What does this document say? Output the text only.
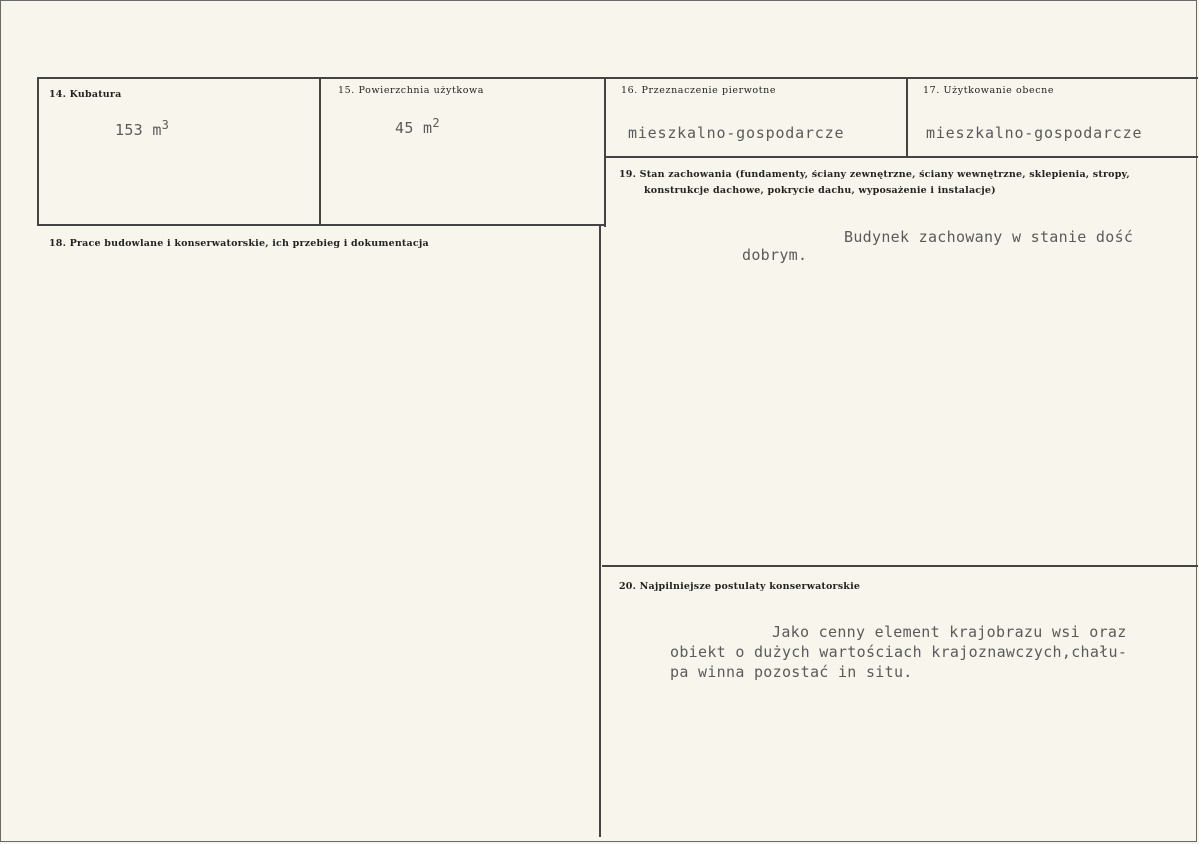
14. Kubatura
153 $m^3$
15. Powierzchnia użytkowa
45 $m^2$
16. Przeznaczenie pierwotne
mieszkalno-gospodarcze
17. Użytkowanie obecne
mieszkalno-gospodarcze
18. Prace budowlane i konserwatorskie, ich przebieg i dokumentacja
19. Stan zachowania (fundamenty, ściany zewnętrzne, ściany wewnętrzne, sklepienia, stropy,
konstrukcje dachowe, pokrycie dachu, wyposażenie i instalacje)
Budynek zachowany w stanie dość
dobrym.
20. Najpilniejsze postulaty konserwatorskie
Jako cenny element krajobrazu wsi oraz
obiekt o dużych wartościach krajoznawczych,chału-
pa winna pozostać in situ.
